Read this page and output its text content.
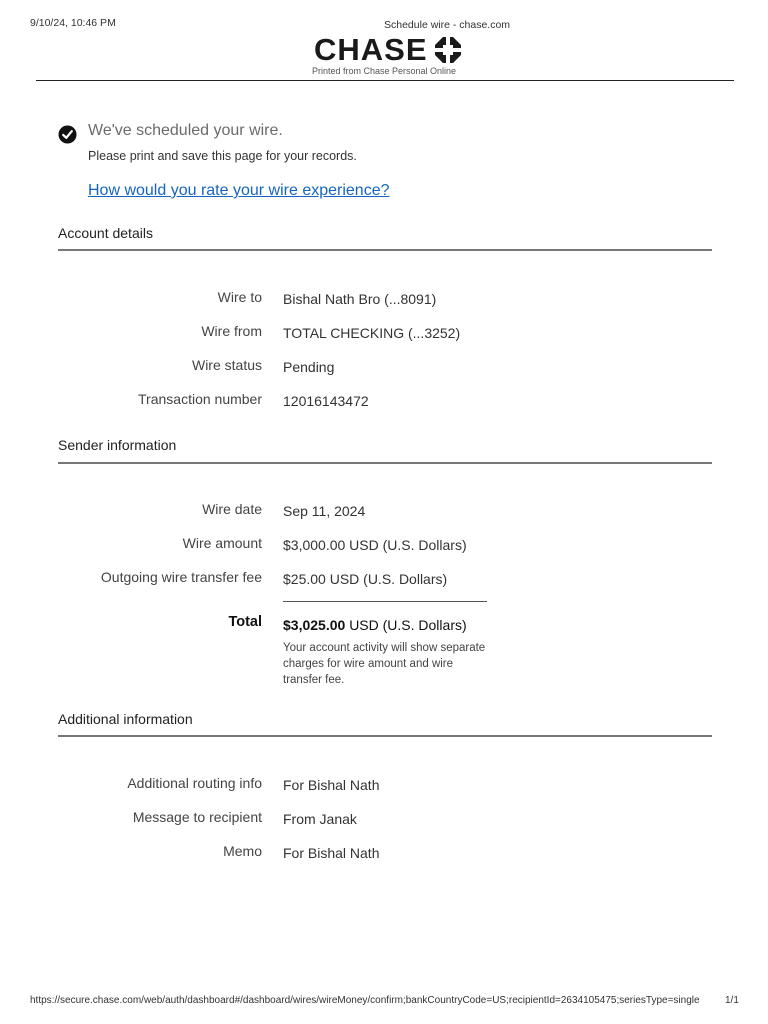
9/10/24, 10:46 PM	Schedule wire - chase.com
CHASE
Printed from Chase Personal Online
We've scheduled your wire.
Please print and save this page for your records.
How would you rate your wire experience?
Account details
Wire to Bishal Nath Bro (...8091)
Wire from TOTAL CHECKING (...3252)
Wire status Pending
Transaction number 12016143472
Sender information
Wire date Sep 11, 2024
Wire amount $3,000.00 USD (U.S. Dollars)
Outgoing wire transfer fee $25.00 USD (U.S. Dollars)
Total $3,025.00 USD (U.S. Dollars)
Your account activity will show separate charges for wire amount and wire transfer fee.
Additional information
Additional routing info For Bishal Nath
Message to recipient From Janak
Memo For Bishal Nath
https://secure.chase.com/web/auth/dashboard#/dashboard/wires/wireMoney/confirm;bankCountryCode=US;recipientId=2634105475;seriesType=single	1/1
